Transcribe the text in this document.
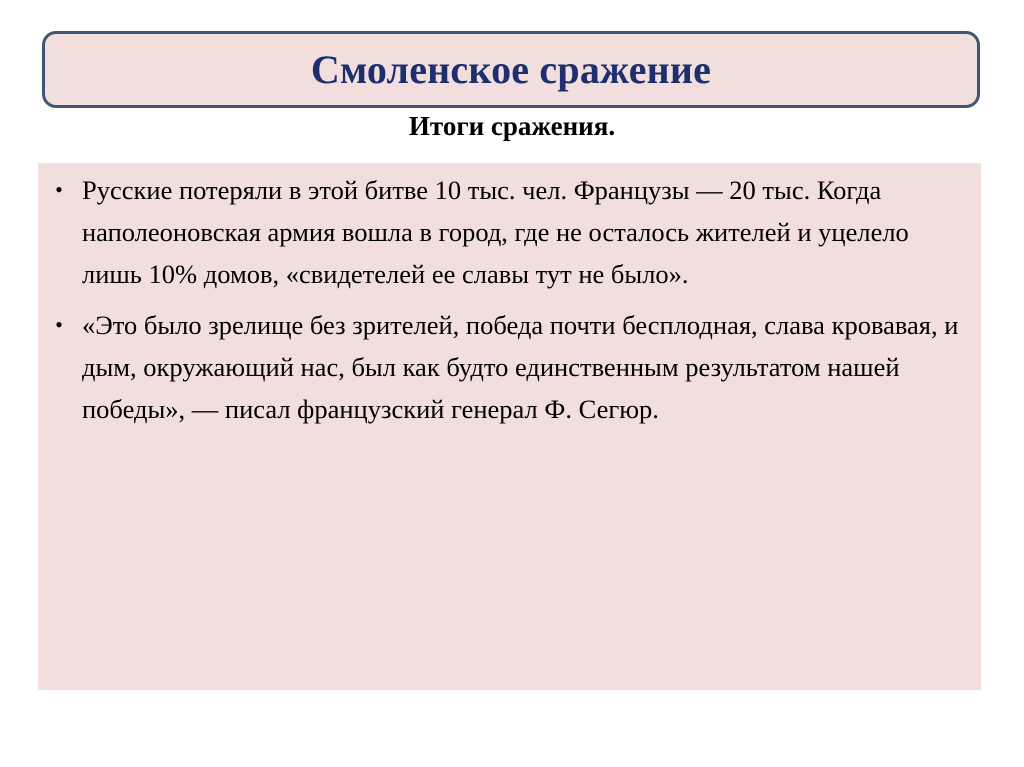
Смоленское сражение
Итоги сражения.
• Русские потеряли в этой битве 10 тыс. чел. Французы — 20 тыс. Когда наполеоновская армия вошла в город, где не осталось жителей и уцелело лишь 10% домов, «свидетелей ее славы тут не было».
• «Это было зрелище без зрителей, победа почти бесплодная, слава кровавая, и дым, окружающий нас, был как будто единственным результатом нашей победы», — писал французский генерал Ф. Сегюр.
